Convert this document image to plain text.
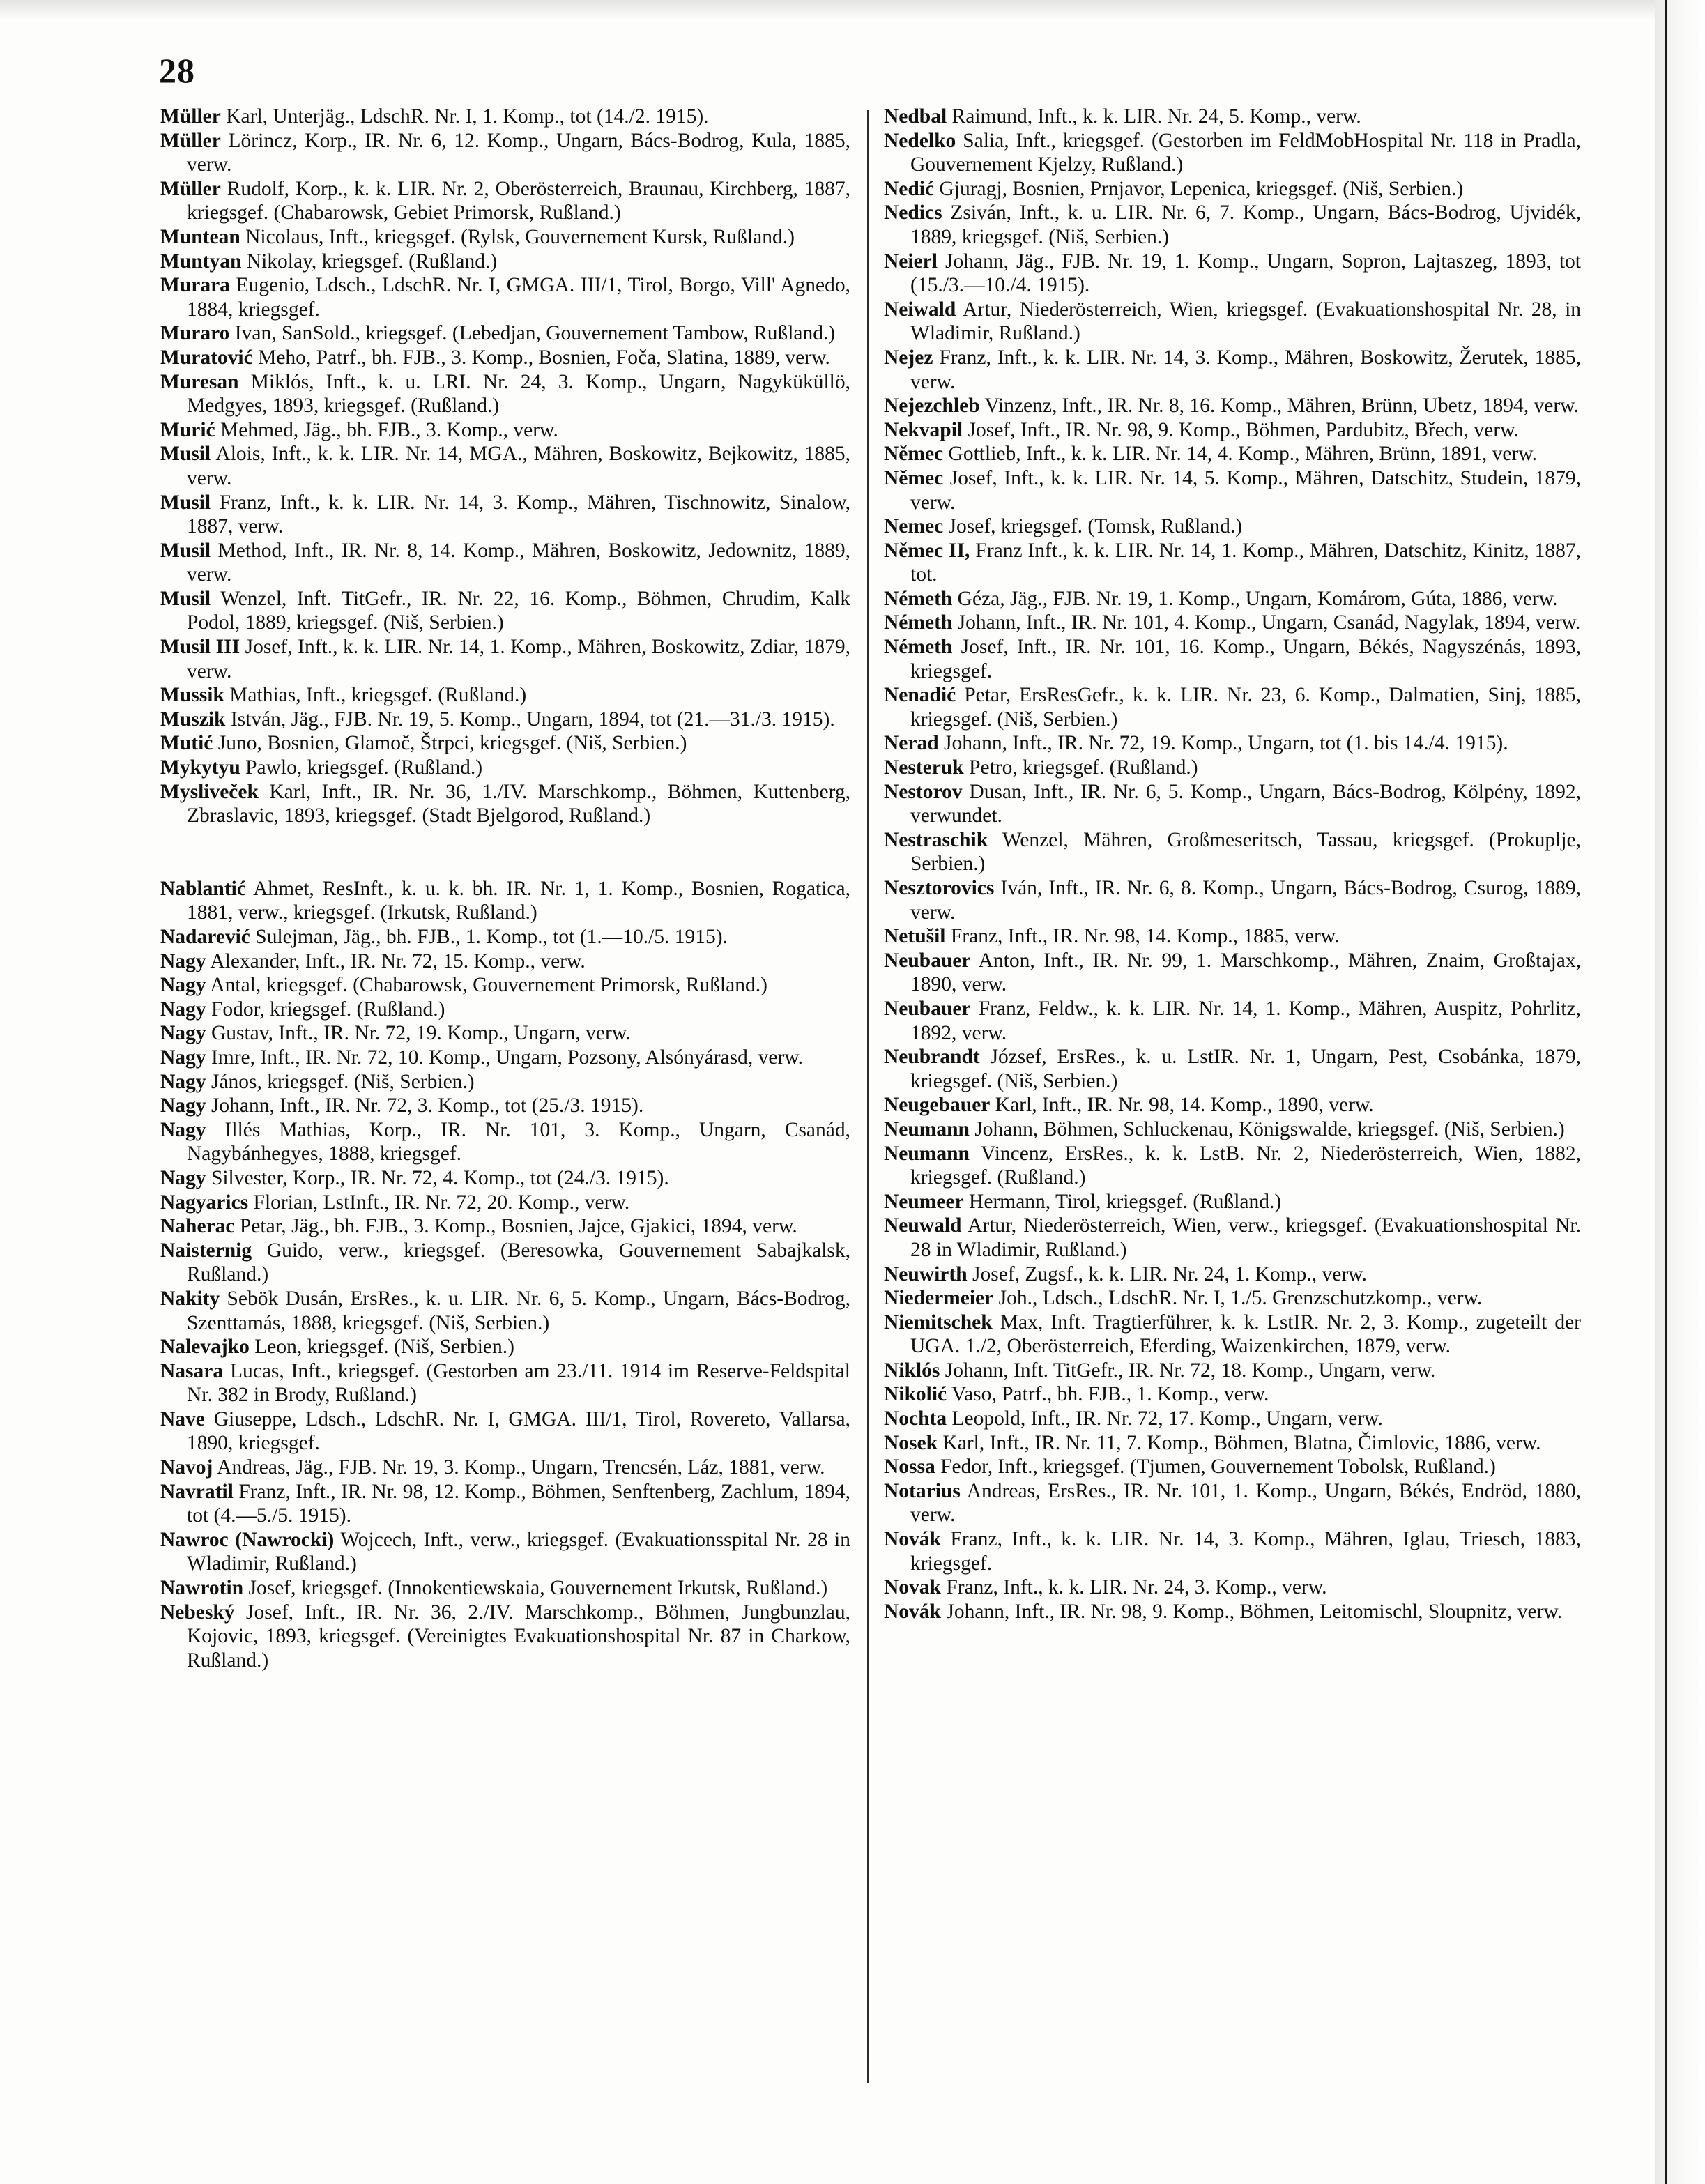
28

Müller Karl, Unterjäg., LdschR. Nr. I, 1. Komp., tot (14./2. 1915).

Müller Lörincz, Korp., IR. Nr. 6, 12. Komp., Ungarn, Bács-Bodrog, Kula, 1885, verw.

Müller Rudolf, Korp., k. k. LIR. Nr. 2, Oberösterreich, Braunau, Kirchberg, 1887, kriegsgef. (Chabarowsk, Gebiet Primorsk, Rußland.)

Muntean Nicolaus, Inft., kriegsgef. (Rylsk, Gouvernement Kursk, Rußland.)

Muntyan Nikolay, kriegsgef. (Rußland.)

Murara Eugenio, Ldsch., LdschR. Nr. I, GMGA. III/1, Tirol, Borgo, Vill' Agnedo, 1884, kriegsgef.

Muraro Ivan, SanSold., kriegsgef. (Lebedjan, Gouvernement Tambow, Rußland.)

Muratović Meho, Patrf., bh. FJB., 3. Komp., Bosnien, Foča, Slatina, 1889, verw.

Muresan Miklós, Inft., k. u. LRI. Nr. 24, 3. Komp., Ungarn, Nagyküküllö, Medgyes, 1893, kriegsgef. (Rußland.)

Murić Mehmed, Jäg., bh. FJB., 3. Komp., verw.

Musil Alois, Inft., k. k. LIR. Nr. 14, MGA., Mähren, Boskowitz, Bejkowitz, 1885, verw.

Musil Franz, Inft., k. k. LIR. Nr. 14, 3. Komp., Mähren, Tischnowitz, Sinalow, 1887, verw.

Musil Method, Inft., IR. Nr. 8, 14. Komp., Mähren, Boskowitz, Jedownitz, 1889, verw.

Musil Wenzel, Inft. TitGefr., IR. Nr. 22, 16. Komp., Böhmen, Chrudim, Kalk Podol, 1889, kriegsgef. (Niš, Serbien.)

Musil III Josef, Inft., k. k. LIR. Nr. 14, 1. Komp., Mähren, Boskowitz, Zdiar, 1879, verw.

Mussik Mathias, Inft., kriegsgef. (Rußland.)

Muszik István, Jäg., FJB. Nr. 19, 5. Komp., Ungarn, 1894, tot (21.—31./3. 1915).

Mutić Juno, Bosnien, Glamoč, Štrpci, kriegsgef. (Niš, Serbien.)

Mykytyu Pawlo, kriegsgef. (Rußland.)

Mysliveček Karl, Inft., IR. Nr. 36, 1./IV. Marschkomp., Böhmen, Kuttenberg, Zbraslavic, 1893, kriegsgef. (Stadt Bjelgorod, Rußland.)

Nablantić Ahmet, ResInft., k. u. k. bh. IR. Nr. 1, 1. Komp., Bosnien, Rogatica, 1881, verw., kriegsgef. (Irkutsk, Rußland.)

Nadarević Sulejman, Jäg., bh. FJB., 1. Komp., tot (1.—10./5. 1915).

Nagy Alexander, Inft., IR. Nr. 72, 15. Komp., verw.

Nagy Antal, kriegsgef. (Chabarowsk, Gouvernement Primorsk, Rußland.)

Nagy Fodor, kriegsgef. (Rußland.)

Nagy Gustav, Inft., IR. Nr. 72, 19. Komp., Ungarn, verw.

Nagy Imre, Inft., IR. Nr. 72, 10. Komp., Ungarn, Pozsony, Alsónyárasd, verw.

Nagy János, kriegsgef. (Niš, Serbien.)

Nagy Johann, Inft., IR. Nr. 72, 3. Komp., tot (25./3. 1915).

Nagy Illés Mathias, Korp., IR. Nr. 101, 3. Komp., Ungarn, Csanád, Nagybánhegyes, 1888, kriegsgef.

Nagy Silvester, Korp., IR. Nr. 72, 4. Komp., tot (24./3. 1915).

Nagyarics Florian, LstInft., IR. Nr. 72, 20. Komp., verw.

Naherac Petar, Jäg., bh. FJB., 3. Komp., Bosnien, Jajce, Gjakici, 1894, verw.

Naisternig Guido, verw., kriegsgef. (Beresowka, Gouvernement Sabajkalsk, Rußland.)

Nakity Sebök Dusán, ErsRes., k. u. LIR. Nr. 6, 5. Komp., Ungarn, Bács-Bodrog, Szenttamás, 1888, kriegsgef. (Niš, Serbien.)

Nalevajko Leon, kriegsgef. (Niš, Serbien.)

Nasara Lucas, Inft., kriegsgef. (Gestorben am 23./11. 1914 im Reserve-Feldspital Nr. 382 in Brody, Rußland.)

Nave Giuseppe, Ldsch., LdschR. Nr. I, GMGA. III/1, Tirol, Rovereto, Vallarsa, 1890, kriegsgef.

Navoj Andreas, Jäg., FJB. Nr. 19, 3. Komp., Ungarn, Trencsén, Láz, 1881, verw.

Navratil Franz, Inft., IR. Nr. 98, 12. Komp., Böhmen, Senftenberg, Zachlum, 1894, tot (4.—5./5. 1915).

Nawroc (Nawrocki) Wojcech, Inft., verw., kriegsgef. (Evakuationsspital Nr. 28 in Wladimir, Rußland.)

Nawrotin Josef, kriegsgef. (Innokentiewskaia, Gouvernement Irkutsk, Rußland.)

Nebeský Josef, Inft., IR. Nr. 36, 2./IV. Marschkomp., Böhmen, Jungbunzlau, Kojovic, 1893, kriegsgef. (Vereinigtes Evakuationshospital Nr. 87 in Charkow, Rußland.)

Nedbal Raimund, Inft., k. k. LIR. Nr. 24, 5. Komp., verw.

Nedelko Salia, Inft., kriegsgef. (Gestorben im FeldMobHospital Nr. 118 in Pradla, Gouvernement Kjelzy, Rußland.)

Nedić Gjuragj, Bosnien, Prnjavor, Lepenica, kriegsgef. (Niš, Serbien.)

Nedics Zsiván, Inft., k. u. LIR. Nr. 6, 7. Komp., Ungarn, Bács-Bodrog, Ujvidék, 1889, kriegsgef. (Niš, Serbien.)

Neierl Johann, Jäg., FJB. Nr. 19, 1. Komp., Ungarn, Sopron, Lajtaszeg, 1893, tot (15./3.—10./4. 1915).

Neiwald Artur, Niederösterreich, Wien, kriegsgef. (Evakuationshospital Nr. 28, in Wladimir, Rußland.)

Nejez Franz, Inft., k. k. LIR. Nr. 14, 3. Komp., Mähren, Boskowitz, Žerutek, 1885, verw.

Nejezchleb Vinzenz, Inft., IR. Nr. 8, 16. Komp., Mähren, Brünn, Ubetz, 1894, verw.

Nekvapil Josef, Inft., IR. Nr. 98, 9. Komp., Böhmen, Pardubitz, Břech, verw.

Němec Gottlieb, Inft., k. k. LIR. Nr. 14, 4. Komp., Mähren, Brünn, 1891, verw.

Němec Josef, Inft., k. k. LIR. Nr. 14, 5. Komp., Mähren, Datschitz, Studein, 1879, verw.

Nemec Josef, kriegsgef. (Tomsk, Rußland.)

Němec II, Franz Inft., k. k. LIR. Nr. 14, 1. Komp., Mähren, Datschitz, Kinitz, 1887, tot.

Németh Géza, Jäg., FJB. Nr. 19, 1. Komp., Ungarn, Komárom, Gúta, 1886, verw.

Németh Johann, Inft., IR. Nr. 101, 4. Komp., Ungarn, Csanád, Nagylak, 1894, verw.

Németh Josef, Inft., IR. Nr. 101, 16. Komp., Ungarn, Békés, Nagyszénás, 1893, kriegsgef.

Nenadić Petar, ErsResGefr., k. k. LIR. Nr. 23, 6. Komp., Dalmatien, Sinj, 1885, kriegsgef. (Niš, Serbien.)

Nerad Johann, Inft., IR. Nr. 72, 19. Komp., Ungarn, tot (1. bis 14./4. 1915).

Nesteruk Petro, kriegsgef. (Rußland.)

Nestorov Dusan, Inft., IR. Nr. 6, 5. Komp., Ungarn, Bács-Bodrog, Kölpény, 1892, verwundet.

Nestraschik Wenzel, Mähren, Großmeseritsch, Tassau, kriegsgef. (Prokuplje, Serbien.)

Nesztorovics Iván, Inft., IR. Nr. 6, 8. Komp., Ungarn, Bács-Bodrog, Csurog, 1889, verw.

Netušil Franz, Inft., IR. Nr. 98, 14. Komp., 1885, verw.

Neubauer Anton, Inft., IR. Nr. 99, 1. Marschkomp., Mähren, Znaim, Großtajax, 1890, verw.

Neubauer Franz, Feldw., k. k. LIR. Nr. 14, 1. Komp., Mähren, Auspitz, Pohrlitz, 1892, verw.

Neubrandt József, ErsRes., k. u. LstIR. Nr. 1, Ungarn, Pest, Csobánka, 1879, kriegsgef. (Niš, Serbien.)

Neugebauer Karl, Inft., IR. Nr. 98, 14. Komp., 1890, verw.

Neumann Johann, Böhmen, Schluckenau, Königswalde, kriegsgef. (Niš, Serbien.)

Neumann Vincenz, ErsRes., k. k. LstB. Nr. 2, Niederösterreich, Wien, 1882, kriegsgef. (Rußland.)

Neumeer Hermann, Tirol, kriegsgef. (Rußland.)

Neuwald Artur, Niederösterreich, Wien, verw., kriegsgef. (Evakuationshospital Nr. 28 in Wladimir, Rußland.)

Neuwirth Josef, Zugsf., k. k. LIR. Nr. 24, 1. Komp., verw.

Niedermeier Joh., Ldsch., LdschR. Nr. I, 1./5. Grenzschutzkomp., verw.

Niemitschek Max, Inft. Tragtierführer, k. k. LstIR. Nr. 2, 3. Komp., zugeteilt der UGA. 1./2, Oberösterreich, Eferding, Waizenkirchen, 1879, verw.

Niklós Johann, Inft. TitGefr., IR. Nr. 72, 18. Komp., Ungarn, verw.

Nikolić Vaso, Patrf., bh. FJB., 1. Komp., verw.

Nochta Leopold, Inft., IR. Nr. 72, 17. Komp., Ungarn, verw.

Nosek Karl, Inft., IR. Nr. 11, 7. Komp., Böhmen, Blatna, Čimlovic, 1886, verw.

Nossa Fedor, Inft., kriegsgef. (Tjumen, Gouvernement Tobolsk, Rußland.)

Notarius Andreas, ErsRes., IR. Nr. 101, 1. Komp., Ungarn, Békés, Endröd, 1880, verw.

Novák Franz, Inft., k. k. LIR. Nr. 14, 3. Komp., Mähren, Iglau, Triesch, 1883, kriegsgef.

Novak Franz, Inft., k. k. LIR. Nr. 24, 3. Komp., verw.

Novák Johann, Inft., IR. Nr. 98, 9. Komp., Böhmen, Leitomischl, Sloupnitz, verw.
